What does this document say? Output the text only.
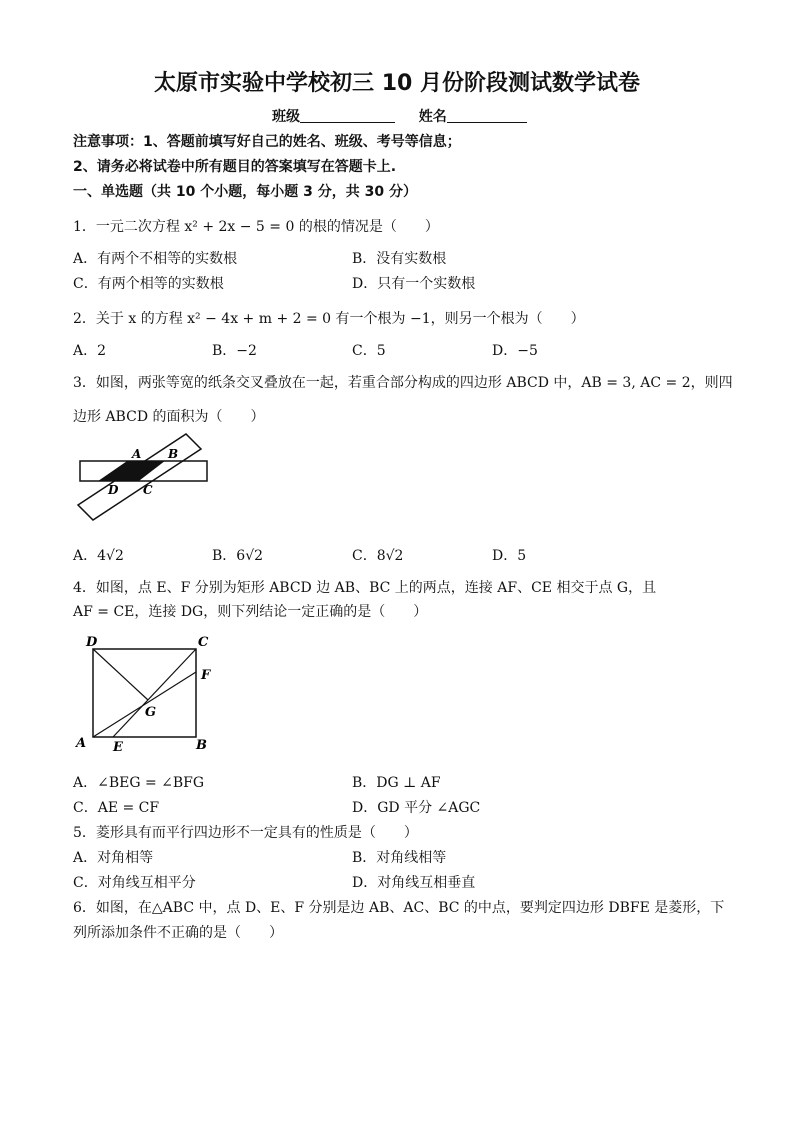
太原市实验中学校初三 10 月份阶段测试数学试卷
班级	姓名
注意事项：1、答题前填写好自己的姓名、班级、考号等信息；
2、请务必将试卷中所有题目的答案填写在答题卡上.
一、单选题（共 10 个小题，每小题 3 分，共 30 分）
1．一元二次方程 x² + 2x − 5 = 0 的根的情况是（　　）
A．有两个不相等的实数根	B．没有实数根
C．有两个相等的实数根	D．只有一个实数根
2．关于 x 的方程 x² − 4x + m + 2 = 0 有一个根为 −1，则另一个根为（　　）
A．2	B．−2	C．5	D．−5
3．如图，两张等宽的纸条交叉叠放在一起，若重合部分构成的四边形 ABCD 中，AB = 3, AC = 2，则四
边形 ABCD 的面积为（　　）
A B
D C
A．4√2	B．6√2	C．8√2	D．5
4．如图，点 E、F 分别为矩形 ABCD 边 AB、BC 上的两点，连接 AF、CE 相交于点 G，且
AF = CE，连接 DG，则下列结论一定正确的是（　　）
D	C
F
G
A E	B
A．∠BEG = ∠BFG	B．DG ⊥ AF
C．AE = CF	D．GD 平分 ∠AGC
5．菱形具有而平行四边形不一定具有的性质是（　　）
A．对角相等	B．对角线相等
C．对角线互相平分	D．对角线互相垂直
6．如图，在△ABC 中，点 D、E、F 分别是边 AB、AC、BC 的中点，要判定四边形 DBFE 是菱形，下
列所添加条件不正确的是（　　）
